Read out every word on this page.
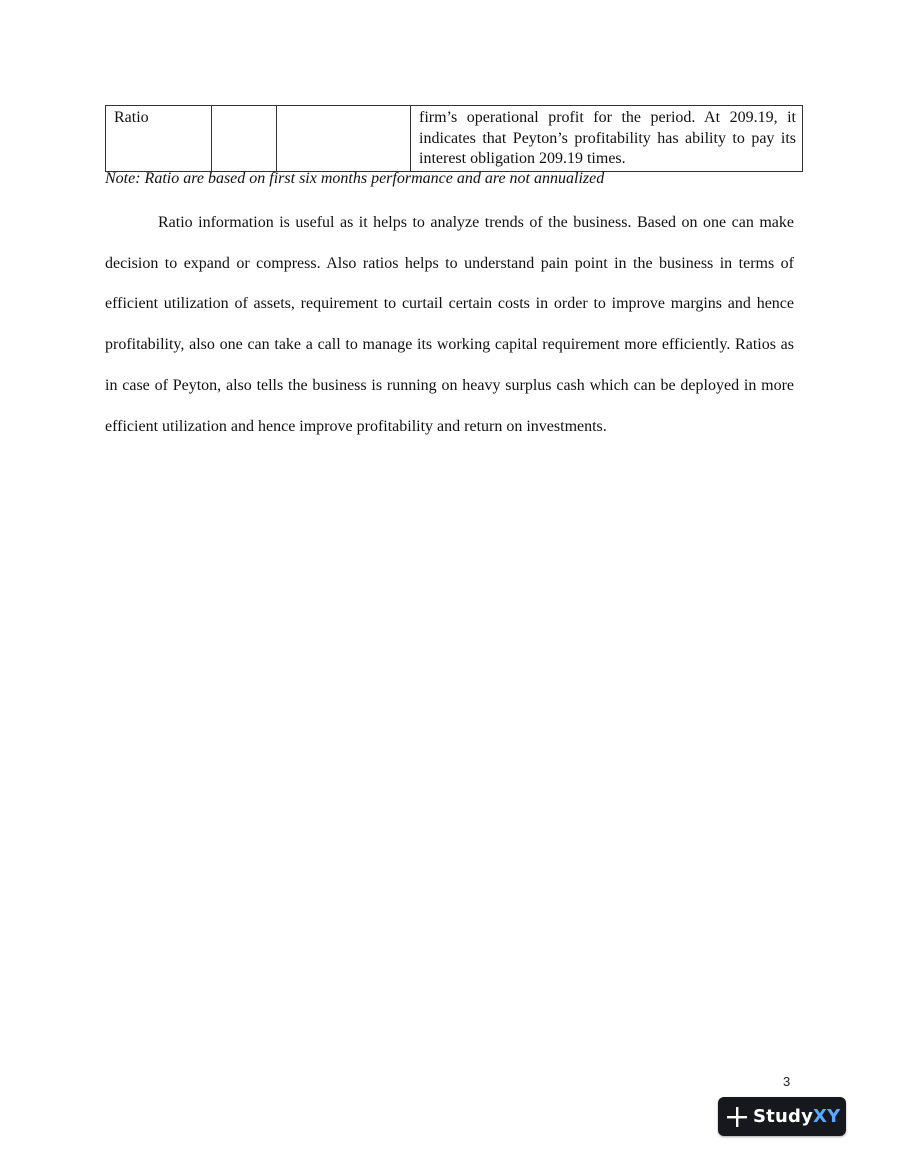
Ratio			firm’s operational profit for the period. At 209.19, it indicates that Peyton’s profitability has ability to pay its interest obligation 209.19 times.
Note: Ratio are based on first six months performance and are not annualized

Ratio information is useful as it helps to analyze trends of the business. Based on one can make decision to expand or compress. Also ratios helps to understand pain point in the business in terms of efficient utilization of assets, requirement to curtail certain costs in order to improve margins and hence profitability, also one can take a call to manage its working capital requirement more efficiently. Ratios as in case of Peyton, also tells the business is running on heavy surplus cash which can be deployed in more efficient utilization and hence improve profitability and return on investments.

3
StudyXY
